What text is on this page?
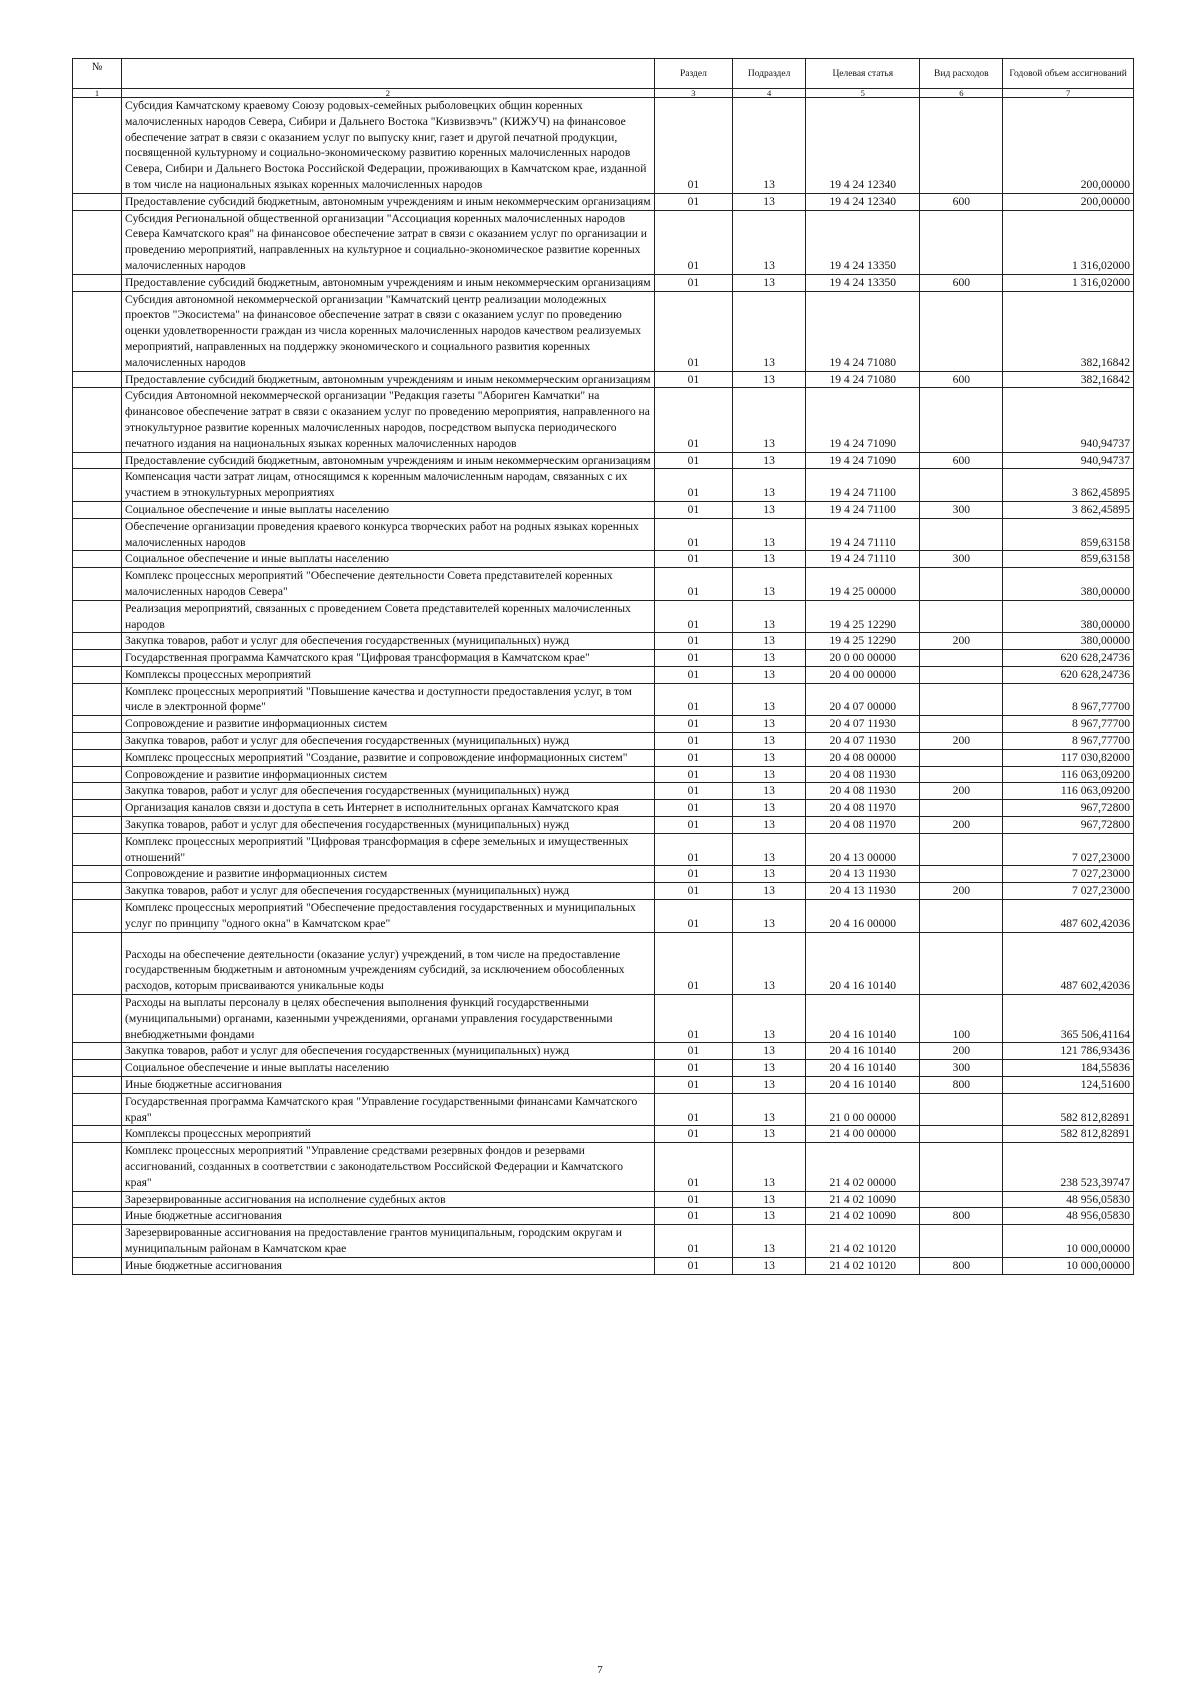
№		Раздел	Подраздел	Целевая статья	Вид расходов	Годовой объем ассигнований
1	2	3	4	5	6	7
	Субсидия Камчатскому краевому Союзу родовых-семейных рыболовецких общин коренных малочисленных народов Севера, Сибири и Дальнего Востока "Кизвизвэчъ" (КИЖУЧ) на финансовое обеспечение затрат в связи с оказанием услуг по выпуску книг, газет и другой печатной продукции, посвященной культурному и социально-экономическому развитию коренных малочисленных народов Севера, Сибири и Дальнего Востока Российской Федерации, проживающих в Камчатском крае, изданной в том числе на национальных языках коренных малочисленных народов	01	13	19 4 24 12340		200,00000
	Предоставление субсидий бюджетным, автономным учреждениям и иным некоммерческим организациям	01	13	19 4 24 12340	600	200,00000
	Субсидия Региональной общественной организации "Ассоциация коренных малочисленных народов Севера Камчатского края" на финансовое обеспечение затрат в связи с оказанием услуг по организации и проведению мероприятий, направленных на культурное и социально-экономическое развитие коренных малочисленных народов	01	13	19 4 24 13350		1 316,02000
	Предоставление субсидий бюджетным, автономным учреждениям и иным некоммерческим организациям	01	13	19 4 24 13350	600	1 316,02000
	Субсидия автономной некоммерческой организации "Камчатский центр реализации молодежных проектов "Экосистема" на финансовое обеспечение затрат в связи с оказанием услуг по проведению оценки удовлетворенности граждан из числа коренных малочисленных народов качеством реализуемых мероприятий, направленных на поддержку экономического и социального развития коренных малочисленных народов	01	13	19 4 24 71080		382,16842
	Предоставление субсидий бюджетным, автономным учреждениям и иным некоммерческим организациям	01	13	19 4 24 71080	600	382,16842
	Субсидия Автономной некоммерческой организации "Редакция газеты "Абориген Камчатки" на финансовое обеспечение затрат в связи с оказанием услуг по проведению мероприятия, направленного на этнокультурное развитие коренных малочисленных народов, посредством выпуска периодического печатного издания на национальных языках коренных малочисленных народов	01	13	19 4 24 71090		940,94737
	Предоставление субсидий бюджетным, автономным учреждениям и иным некоммерческим организациям	01	13	19 4 24 71090	600	940,94737
	Компенсация части затрат лицам, относящимся к коренным малочисленным народам, связанных с их участием в этнокультурных мероприятиях	01	13	19 4 24 71100		3 862,45895
	Социальное обеспечение и иные выплаты населению	01	13	19 4 24 71100	300	3 862,45895
	Обеспечение организации проведения краевого конкурса творческих работ на родных языках коренных малочисленных народов	01	13	19 4 24 71110		859,63158
	Социальное обеспечение и иные выплаты населению	01	13	19 4 24 71110	300	859,63158
	Комплекс процессных мероприятий "Обеспечение деятельности Совета представителей коренных малочисленных народов Севера"	01	13	19 4 25 00000		380,00000
	Реализация мероприятий, связанных с проведением Совета представителей коренных малочисленных народов	01	13	19 4 25 12290		380,00000
	Закупка товаров, работ и услуг для обеспечения государственных (муниципальных) нужд	01	13	19 4 25 12290	200	380,00000
	Государственная программа Камчатского края "Цифровая трансформация в Камчатском крае"	01	13	20 0 00 00000		620 628,24736
	Комплексы процессных мероприятий	01	13	20 4 00 00000		620 628,24736
	Комплекс процессных мероприятий "Повышение качества и доступности предоставления услуг, в том числе в электронной форме"	01	13	20 4 07 00000		8 967,77700
	Сопровождение и развитие информационных систем	01	13	20 4 07 11930		8 967,77700
	Закупка товаров, работ и услуг для обеспечения государственных (муниципальных) нужд	01	13	20 4 07 11930	200	8 967,77700
	Комплекс процессных мероприятий "Создание, развитие и сопровождение информационных систем"	01	13	20 4 08 00000		117 030,82000
	Сопровождение и развитие информационных систем	01	13	20 4 08 11930		116 063,09200
	Закупка товаров, работ и услуг для обеспечения государственных (муниципальных) нужд	01	13	20 4 08 11930	200	116 063,09200
	Организация каналов связи и доступа в сеть Интернет в исполнительных органах Камчатского края	01	13	20 4 08 11970		967,72800
	Закупка товаров, работ и услуг для обеспечения государственных (муниципальных) нужд	01	13	20 4 08 11970	200	967,72800
	Комплекс процессных мероприятий "Цифровая трансформация в сфере земельных и имущественных отношений"	01	13	20 4 13 00000		7 027,23000
	Сопровождение и развитие информационных систем	01	13	20 4 13 11930		7 027,23000
	Закупка товаров, работ и услуг для обеспечения государственных (муниципальных) нужд	01	13	20 4 13 11930	200	7 027,23000
	Комплекс процессных мероприятий "Обеспечение предоставления государственных и муниципальных услуг по принципу "одного окна" в Камчатском крае"	01	13	20 4 16 00000		487 602,42036
	Расходы на обеспечение деятельности (оказание услуг) учреждений, в том числе на предоставление государственным бюджетным и автономным учреждениям субсидий, за исключением обособленных расходов, которым присваиваются уникальные коды	01	13	20 4 16 10140		487 602,42036
	Расходы на выплаты персоналу в целях обеспечения выполнения функций государственными (муниципальными) органами, казенными учреждениями, органами управления государственными внебюджетными фондами	01	13	20 4 16 10140	100	365 506,41164
	Закупка товаров, работ и услуг для обеспечения государственных (муниципальных) нужд	01	13	20 4 16 10140	200	121 786,93436
	Социальное обеспечение и иные выплаты населению	01	13	20 4 16 10140	300	184,55836
	Иные бюджетные ассигнования	01	13	20 4 16 10140	800	124,51600
	Государственная программа Камчатского края "Управление государственными финансами Камчатского края"	01	13	21 0 00 00000		582 812,82891
	Комплексы процессных мероприятий	01	13	21 4 00 00000		582 812,82891
	Комплекс процессных мероприятий "Управление средствами резервных фондов и резервами ассигнований, созданных в соответствии с законодательством Российской Федерации и Камчатского края"	01	13	21 4 02 00000		238 523,39747
	Зарезервированные ассигнования на исполнение судебных актов	01	13	21 4 02 10090		48 956,05830
	Иные бюджетные ассигнования	01	13	21 4 02 10090	800	48 956,05830
	Зарезервированные ассигнования на предоставление грантов муниципальным, городским округам и муниципальным районам в Камчатском крае	01	13	21 4 02 10120		10 000,00000
	Иные бюджетные ассигнования	01	13	21 4 02 10120	800	10 000,00000
7
